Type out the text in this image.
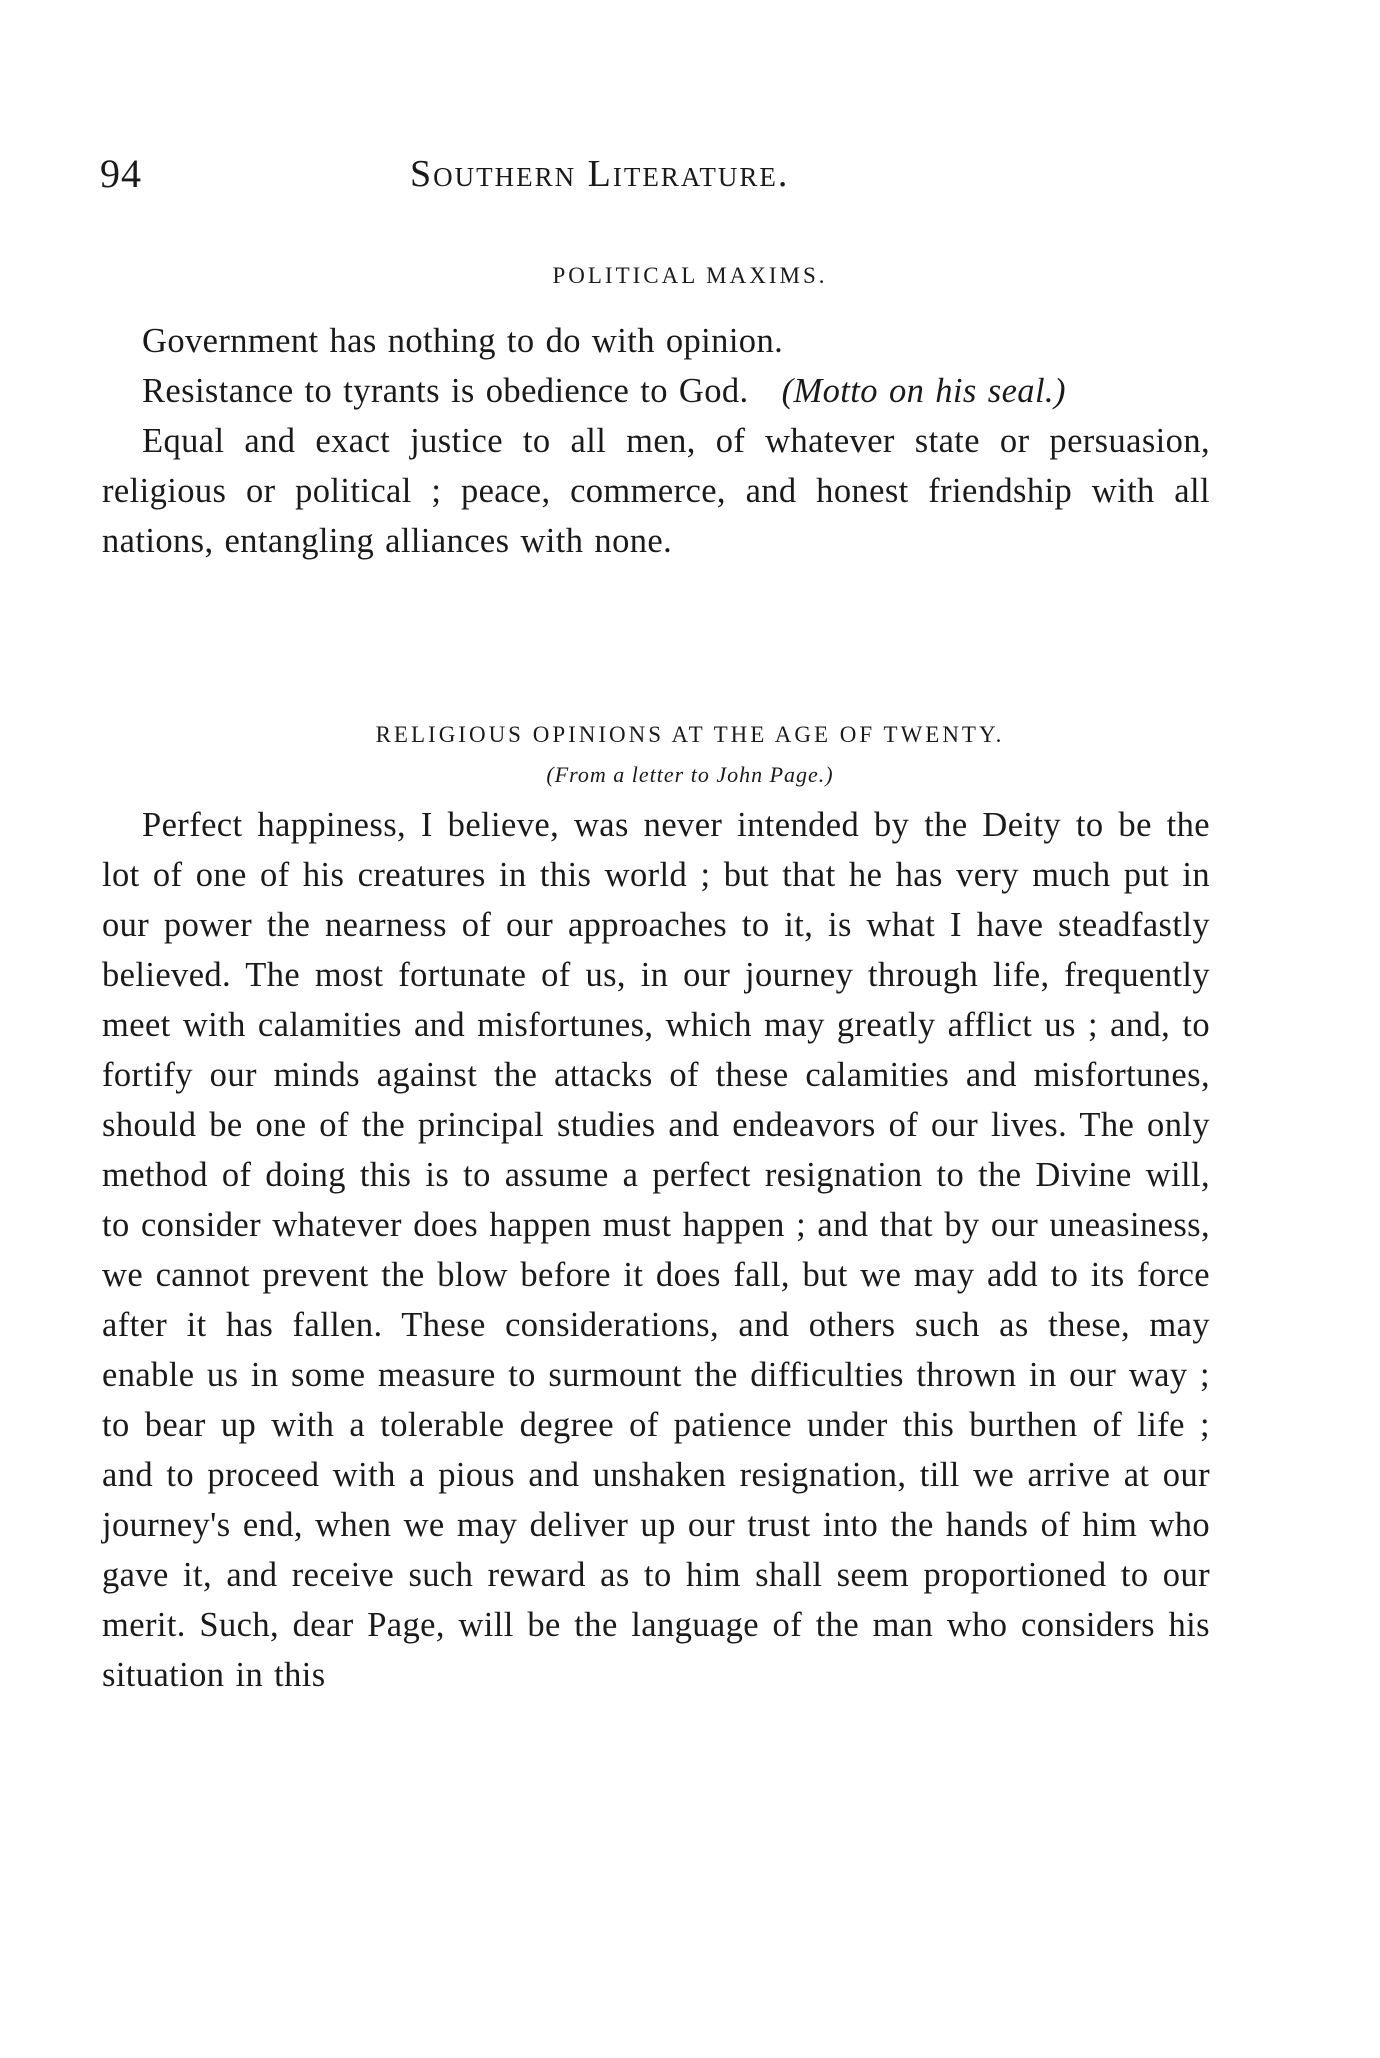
94	Southern Literature.
POLITICAL MAXIMS.

Government has nothing to do with opinion.

Resistance to tyrants is obedience to God. (Motto on his seal.)

Equal and exact justice to all men, of whatever state or persuasion, religious or political ; peace, commerce, and honest friendship with all nations, entangling alliances with none.

RELIGIOUS OPINIONS AT THE AGE OF TWENTY.
(From a letter to John Page.)

Perfect happiness, I believe, was never intended by the Deity to be the lot of one of his creatures in this world ; but that he has very much put in our power the nearness of our approaches to it, is what I have steadfastly believed. The most fortunate of us, in our journey through life, frequently meet with calamities and misfortunes, which may greatly afflict us ; and, to fortify our minds against the attacks of these calamities and misfortunes, should be one of the principal studies and endeavors of our lives. The only method of doing this is to assume a perfect resignation to the Divine will, to consider whatever does happen must happen ; and that by our uneasiness, we cannot prevent the blow before it does fall, but we may add to its force after it has fallen. These considerations, and others such as these, may enable us in some measure to surmount the difficulties thrown in our way ; to bear up with a tolerable degree of patience under this burthen of life ; and to proceed with a pious and unshaken resignation, till we arrive at our journey's end, when we may deliver up our trust into the hands of him who gave it, and receive such reward as to him shall seem proportioned to our merit. Such, dear Page, will be the language of the man who considers his situation in this
